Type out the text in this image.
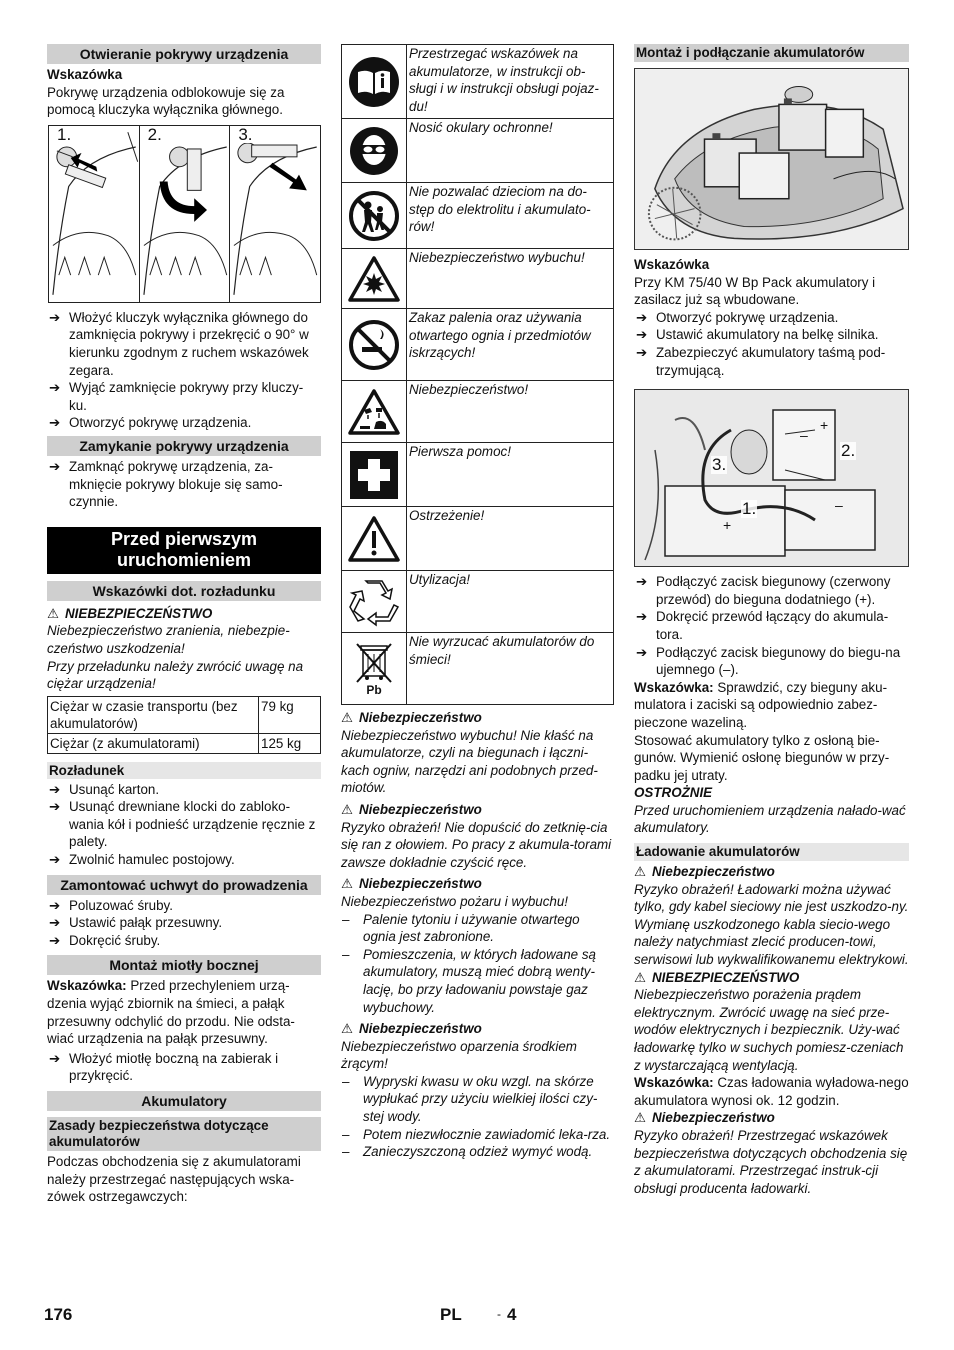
Otwieranie pokrywy urządzenia
Wskazówka
Pokrywę urządzenia odblokowuje się za pomocą kluczyka wyłącznika głównego.
1.	2.	3.
➔ Włożyć kluczyk wyłącznika głównego do zamknięcia pokrywy i przekręcić o 90° w kierunku zgodnym z ruchem wskazówek zegara.
➔ Wyjąć zamknięcie pokrywy przy kluczy-ku.
➔ Otworzyć pokrywę urządzenia.
Zamykanie pokrywy urządzenia
➔ Zamknąć pokrywę urządzenia, za-mknięcie pokrywy blokuje się samo-czynnie.
Przed pierwszym uruchomieniem
Wskazówki dot. rozładunku
⚠ NIEBEZPIECZEŃSTWO
Niebezpieczeństwo zranienia, niebezpie-czeństwo uszkodzenia!
Przy przeładunku należy zwrócić uwagę na ciężar urządzenia!
Ciężar w czasie transportu (bez akumulatorów)	79 kg
Ciężar (z akumulatorami)	125 kg
Rozładunek
➔ Usunąć karton.
➔ Usunąć drewniane klocki do zabloko-wania kół i podnieść urządzenie ręcznie z palety.
➔ Zwolnić hamulec postojowy.
Zamontować uchwyt do prowadzenia
➔ Poluzować śruby.
➔ Ustawić pałąk przesuwny.
➔ Dokręcić śruby.
Montaż miotły bocznej
Wskazówka: Przed przechyleniem urzą-dzenia wyjąć zbiornik na śmieci, a pałąk przesuwny odchylić do przodu. Nie odsta-wiać urządzenia na pałąk przesuwny.
➔ Włożyć miotłę boczną na zabierak i przykręcić.
Akumulatory
Zasady bezpieczeństwa dotyczące akumulatorów
Podczas obchodzenia się z akumulatorami należy przestrzegać następujących wska-zówek ostrzegawczych:
	Przestrzegać wskazówek na akumulatorze, w instrukcji ob-sługi i w instrukcji obsługi pojaz-du!

	Nosić okulary ochronne!

	Nie pozwalać dzieciom na do-stęp do elektrolitu i akumulato-rów!

	Niebezpieczeństwo wybuchu!

	Zakaz palenia oraz używania otwartego ognia i przedmiotów iskrzących!

	Niebezpieczeństwo!

	Pierwsza pomoc!

	Ostrzeżenie!

	Utylizacja!

Pb	Nie wyrzucać akumulatorów do śmieci!
⚠ Niebezpieczeństwo
Niebezpieczeństwo wybuchu! Nie kłaść na akumulatorze, czyli na biegunach i łączni-kach ogniw, narzędzi ani podobnych przed-miotów.
⚠ Niebezpieczeństwo
Ryzyko obrażeń! Nie dopuścić do zetknię-cia się ran z ołowiem. Po pracy z akumula-torami zawsze dokładnie czyścić ręce.
⚠ Niebezpieczeństwo
Niebezpieczeństwo pożaru i wybuchu!
– Palenie tytoniu i używanie otwartego ognia jest zabronione.
– Pomieszczenia, w których ładowane są akumulatory, muszą mieć dobrą wenty-lację, bo przy ładowaniu powstaje gaz wybuchowy.
⚠ Niebezpieczeństwo
Niebezpieczeństwo oparzenia środkiem żrącym!
– Wypryski kwasu w oku wzgl. na skórze wypłukać przy użyciu wielkiej ilości czy-stej wody.
– Potem niezwłocznie zawiadomić leka-rza.
– Zanieczyszczoną odzież wymyć wodą.
Montaż i podłączanie akumulatorów
Wskazówka
Przy KM 75/40 W Bp Pack akumulatory i zasilacz już są wbudowane.
➔ Otworzyć pokrywę urządzenia.
➔ Ustawić akumulatory na belkę silnika.
➔ Zabezpieczyć akumulatory taśmą pod-trzymującą.
–
+
+
–
2.
3.
1.
➔ Podłączyć zacisk biegunowy (czerwony przewód) do bieguna dodatniego (+).
➔ Dokręcić przewód łączący do akumula-tora.
➔ Podłączyć zacisk biegunowy do biegu-na ujemnego (–).
Wskazówka: Sprawdzić, czy bieguny aku-mulatora i zaciski są odpowiednio zabez-pieczone wazeliną.
Stosować akumulatory tylko z osłoną bie-gunów. Wymienić osłonę biegunów w przy-padku jej utraty.
OSTROŻNIE
Przed uruchomieniem urządzenia nałado-wać akumulatory.
Ładowanie akumulatorów
⚠ Niebezpieczeństwo
Ryzyko obrażeń! Ładowarki można używać tylko, gdy kabel sieciowy nie jest uszkodzo-ny. Wymianę uszkodzonego kabla siecio-wego należy natychmiast zlecić producen-towi, serwisowi lub wykwalifikowanemu elektrykowi.
⚠ NIEBEZPIECZEŃSTWO
Niebezpieczeństwo porażenia prądem elektrycznym. Zwrócić uwagę na sieć prze-wodów elektrycznych i bezpiecznik. Uży-wać ładowarkę tylko w suchych pomiesz-czeniach z wystarczającą wentylacją.
Wskazówka: Czas ładowania wyładowa-nego akumulatora wynosi ok. 12 godzin.
⚠ Niebezpieczeństwo
Ryzyko obrażeń! Przestrzegać wskazówek bezpieczeństwa dotyczących obchodzenia się z akumulatorami. Przestrzegać instruk-cji obsługi producenta ładowarki.
176	PL	- 4
